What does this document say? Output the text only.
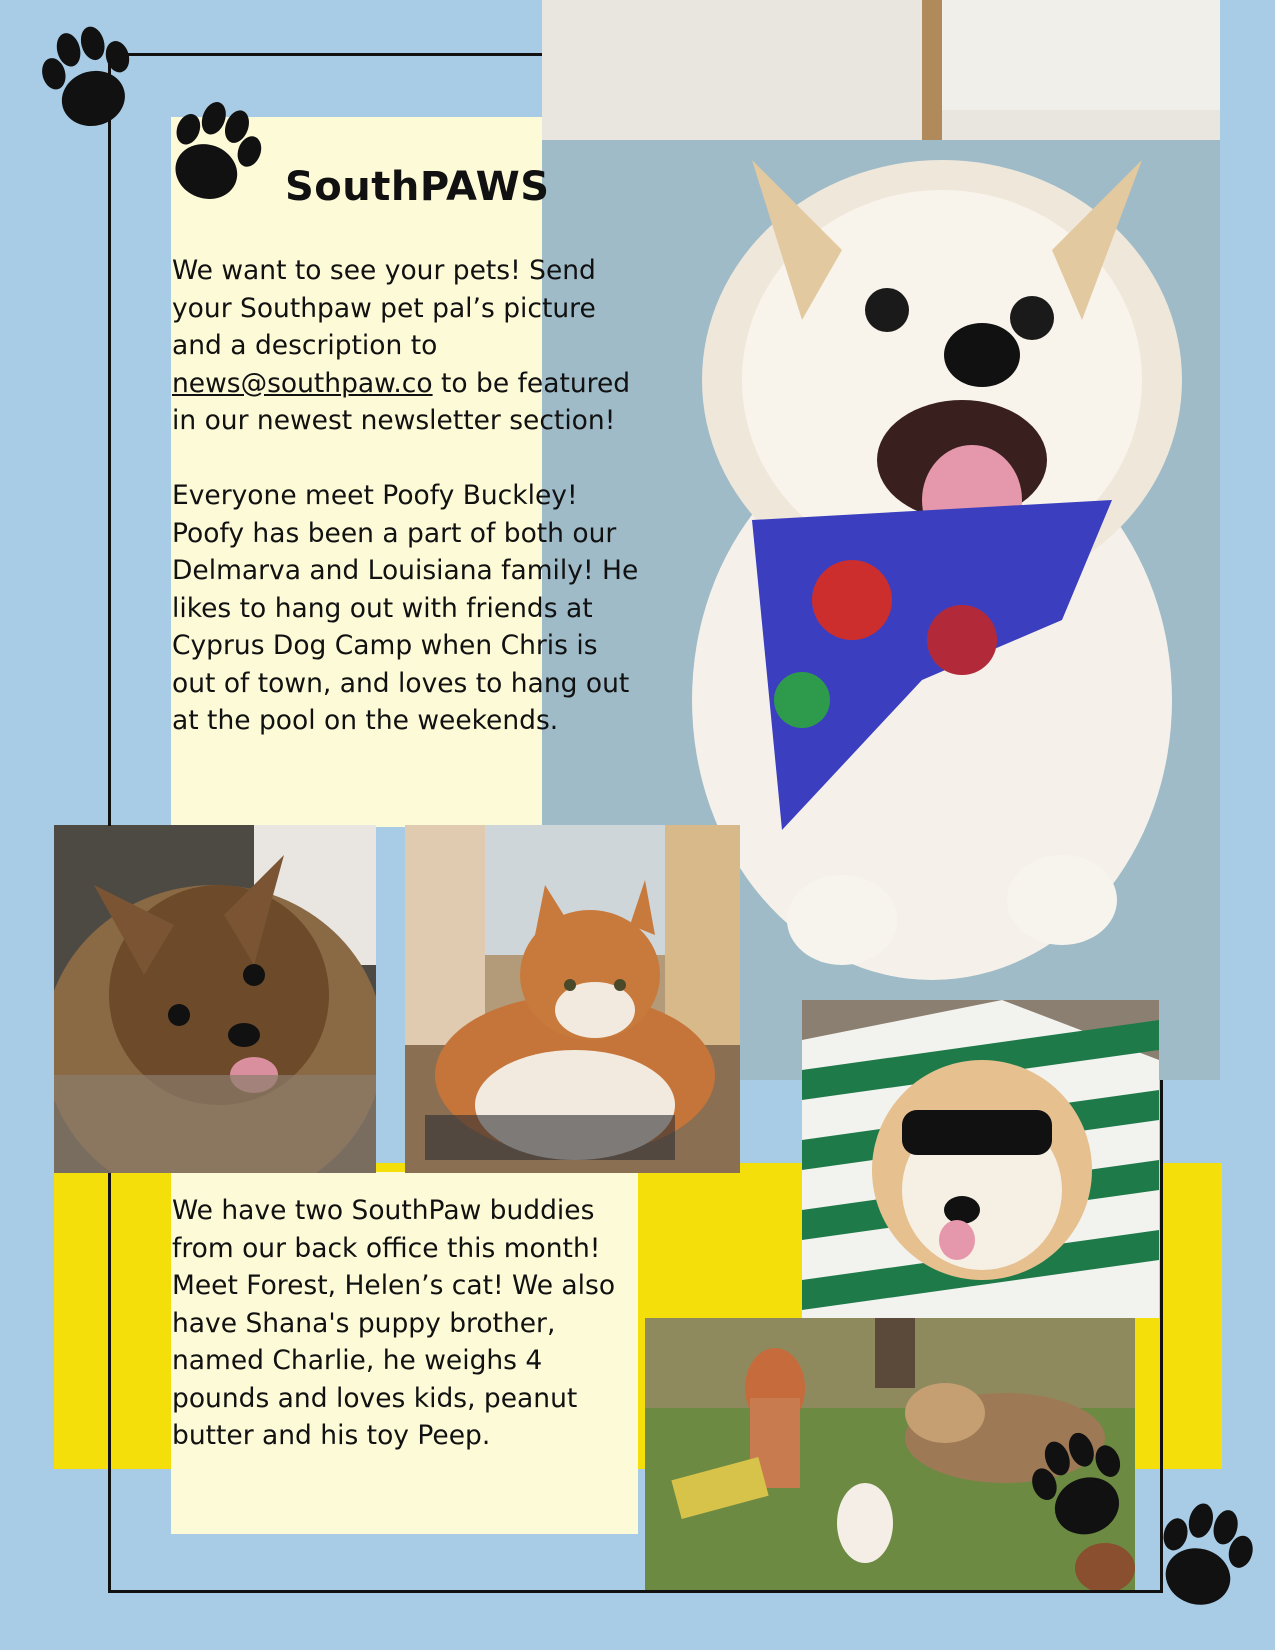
SouthPAWS
We want to see your pets! Send your Southpaw pet pal’s picture and a description to news@southpaw.co to be featured in our newest newsletter section!
Everyone meet Poofy Buckley! Poofy has been a part of both our Delmarva and Louisiana family! He likes to hang out with friends at Cyprus Dog Camp when Chris is out of town, and loves to hang out at the pool on the weekends.
We have two SouthPaw buddies from our back office this month! Meet Forest, Helen’s cat! We also have Shana's puppy brother, named Charlie, he weighs 4 pounds and loves kids, peanut butter and his toy Peep.
